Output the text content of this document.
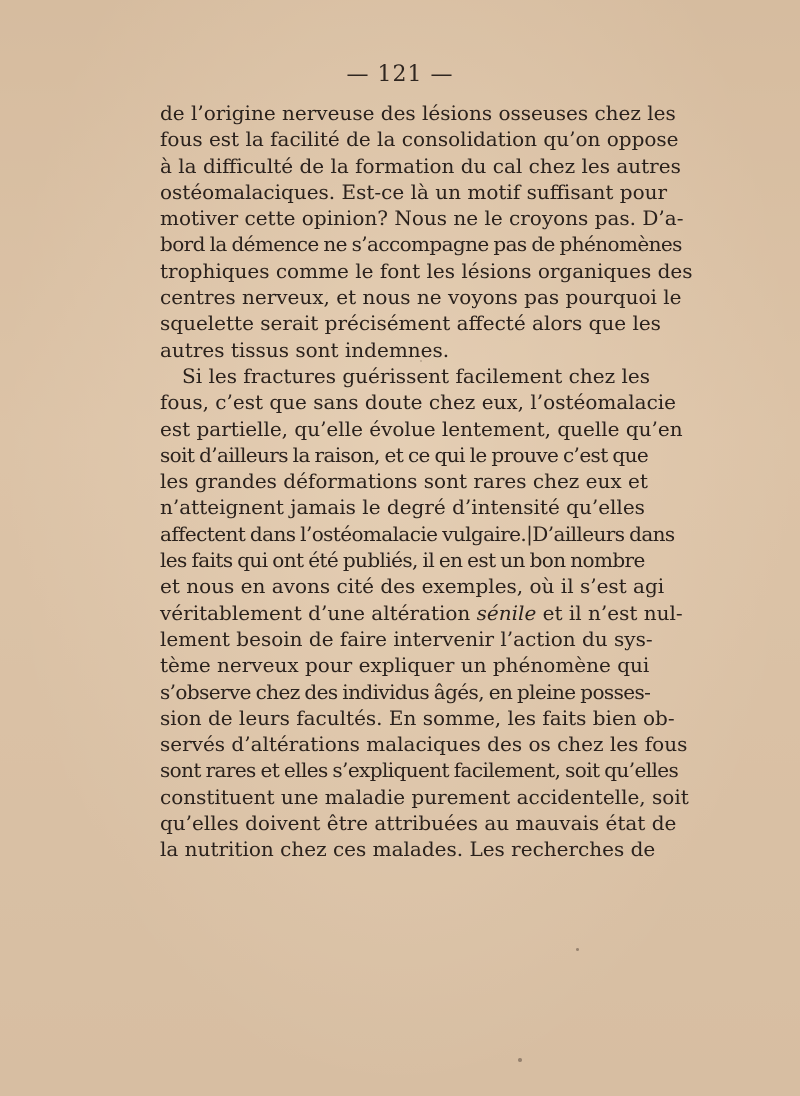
— 121 —
de l’origine nerveuse des lésions osseuses chez les
fous est la facilité de la consolidation qu’on oppose
à la difficulté de la formation du cal chez les autres
ostéomalaciques. Est-ce là un motif suffisant pour
motiver cette opinion? Nous ne le croyons pas. D’a-
bord la démence ne s’accompagne pas de phénomènes
trophiques comme le font les lésions organiques des
centres nerveux, et nous ne voyons pas pourquoi le
squelette serait précisément affecté alors que les
autres tissus sont indemnes.
Si les fractures guérissent facilement chez les
fous, c’est que sans doute chez eux, l’ostéomalacie
est partielle, qu’elle évolue lentement, quelle qu’en
soit d’ailleurs la raison, et ce qui le prouve c’est que
les grandes déformations sont rares chez eux et
n’atteignent jamais le degré d’intensité qu’elles
affectent dans l’ostéomalacie vulgaire.|D’ailleurs dans
les faits qui ont été publiés, il en est un bon nombre
et nous en avons cité des exemples, où il s’est agi
véritablement d’une altération sénile et il n’est nul-
lement besoin de faire intervenir l’action du sys-
tème nerveux pour expliquer un phénomène qui
s’observe chez des individus âgés, en pleine posses-
sion de leurs facultés. En somme, les faits bien ob-
servés d’altérations malaciques des os chez les fous
sont rares et elles s’expliquent facilement, soit qu’elles
constituent une maladie purement accidentelle, soit
qu’elles doivent être attribuées au mauvais état de
la nutrition chez ces malades. Les recherches de
